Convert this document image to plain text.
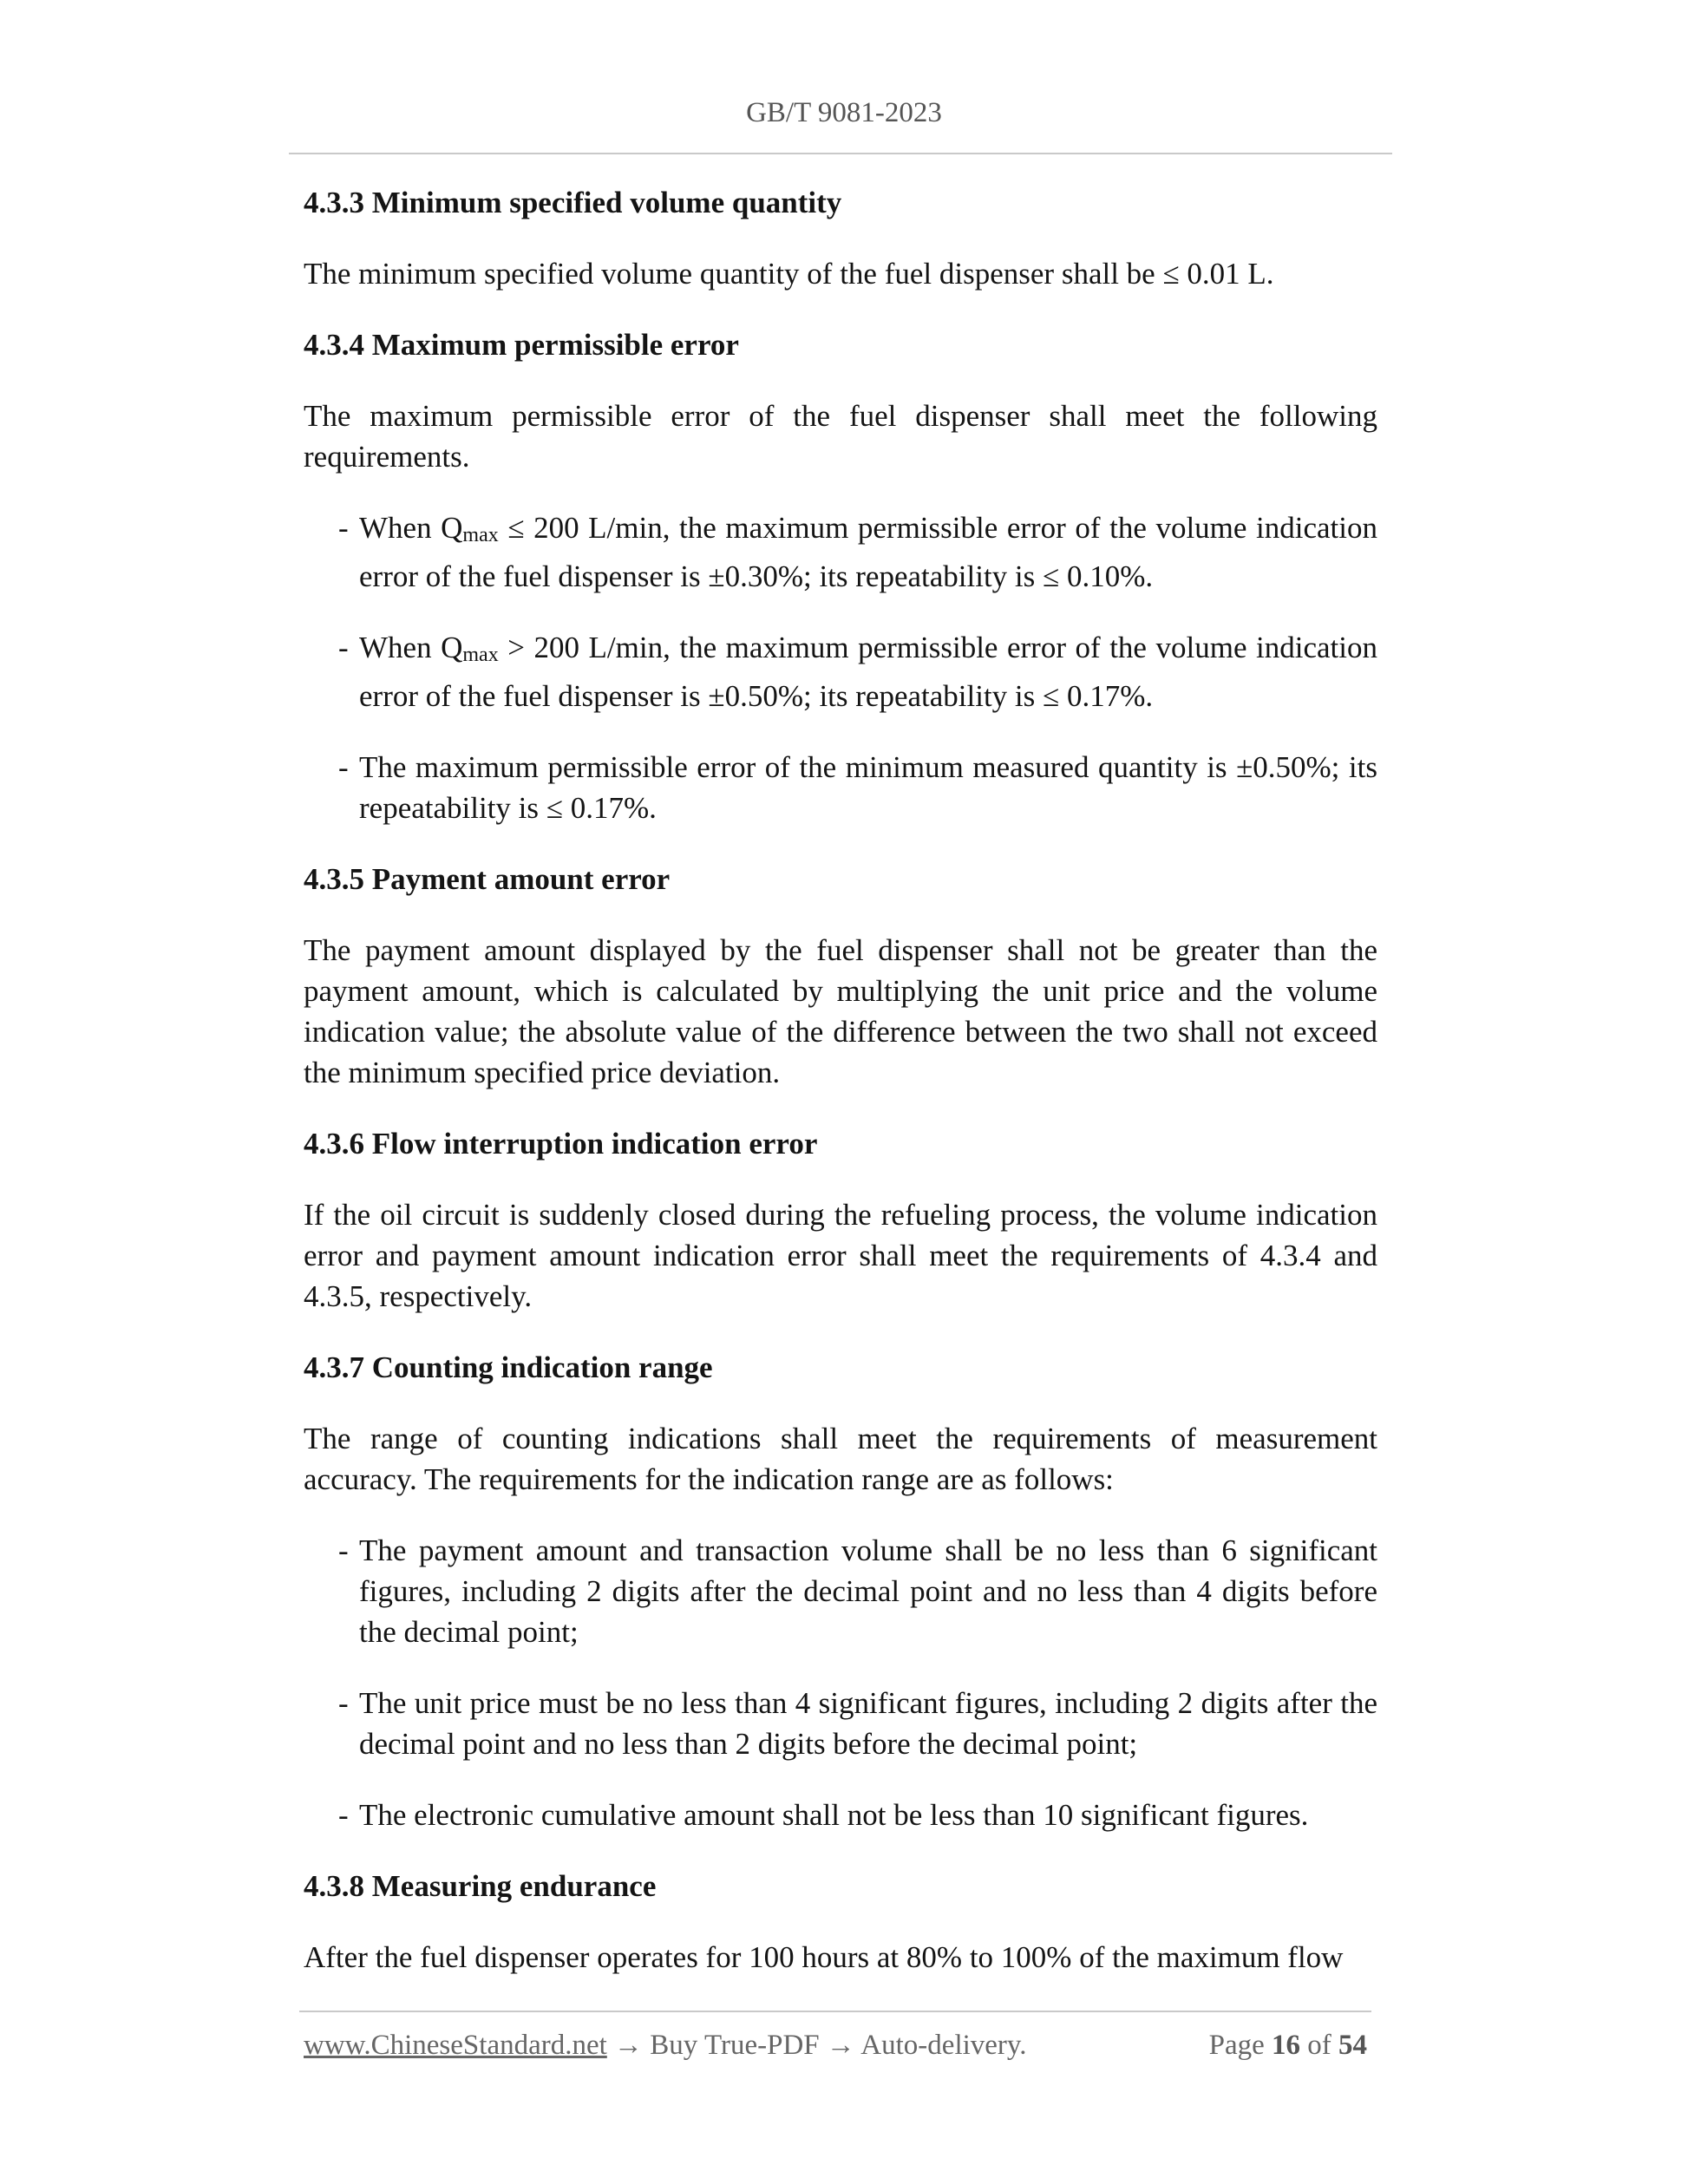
GB/T 9081-2023
4.3.3 Minimum specified volume quantity

The minimum specified volume quantity of the fuel dispenser shall be ≤ 0.01 L.

4.3.4 Maximum permissible error

The maximum permissible error of the fuel dispenser shall meet the following requirements.

- When $Q_{max} \le 200$ L/min, the maximum permissible error of the volume indication error of the fuel dispenser is ±0.30%; its repeatability is ≤ 0.10%.
- When $Q_{max} > 200$ L/min, the maximum permissible error of the volume indication error of the fuel dispenser is ±0.50%; its repeatability is ≤ 0.17%.
- The maximum permissible error of the minimum measured quantity is ±0.50%; its repeatability is ≤ 0.17%.
4.3.5 Payment amount error

The payment amount displayed by the fuel dispenser shall not be greater than the payment amount, which is calculated by multiplying the unit price and the volume indication value; the absolute value of the difference between the two shall not exceed the minimum specified price deviation.

4.3.6 Flow interruption indication error

If the oil circuit is suddenly closed during the refueling process, the volume indication error and payment amount indication error shall meet the requirements of 4.3.4 and 4.3.5, respectively.

4.3.7 Counting indication range

The range of counting indications shall meet the requirements of measurement accuracy. The requirements for the indication range are as follows:

- The payment amount and transaction volume shall be no less than 6 significant figures, including 2 digits after the decimal point and no less than 4 digits before the decimal point;
- The unit price must be no less than 4 significant figures, including 2 digits after the decimal point and no less than 2 digits before the decimal point;
- The electronic cumulative amount shall not be less than 10 significant figures.
4.3.8 Measuring endurance

After the fuel dispenser operates for 100 hours at 80% to 100% of the maximum flow

www.ChineseStandard.net → Buy True-PDF → Auto-delivery.	Page 16 of 54
